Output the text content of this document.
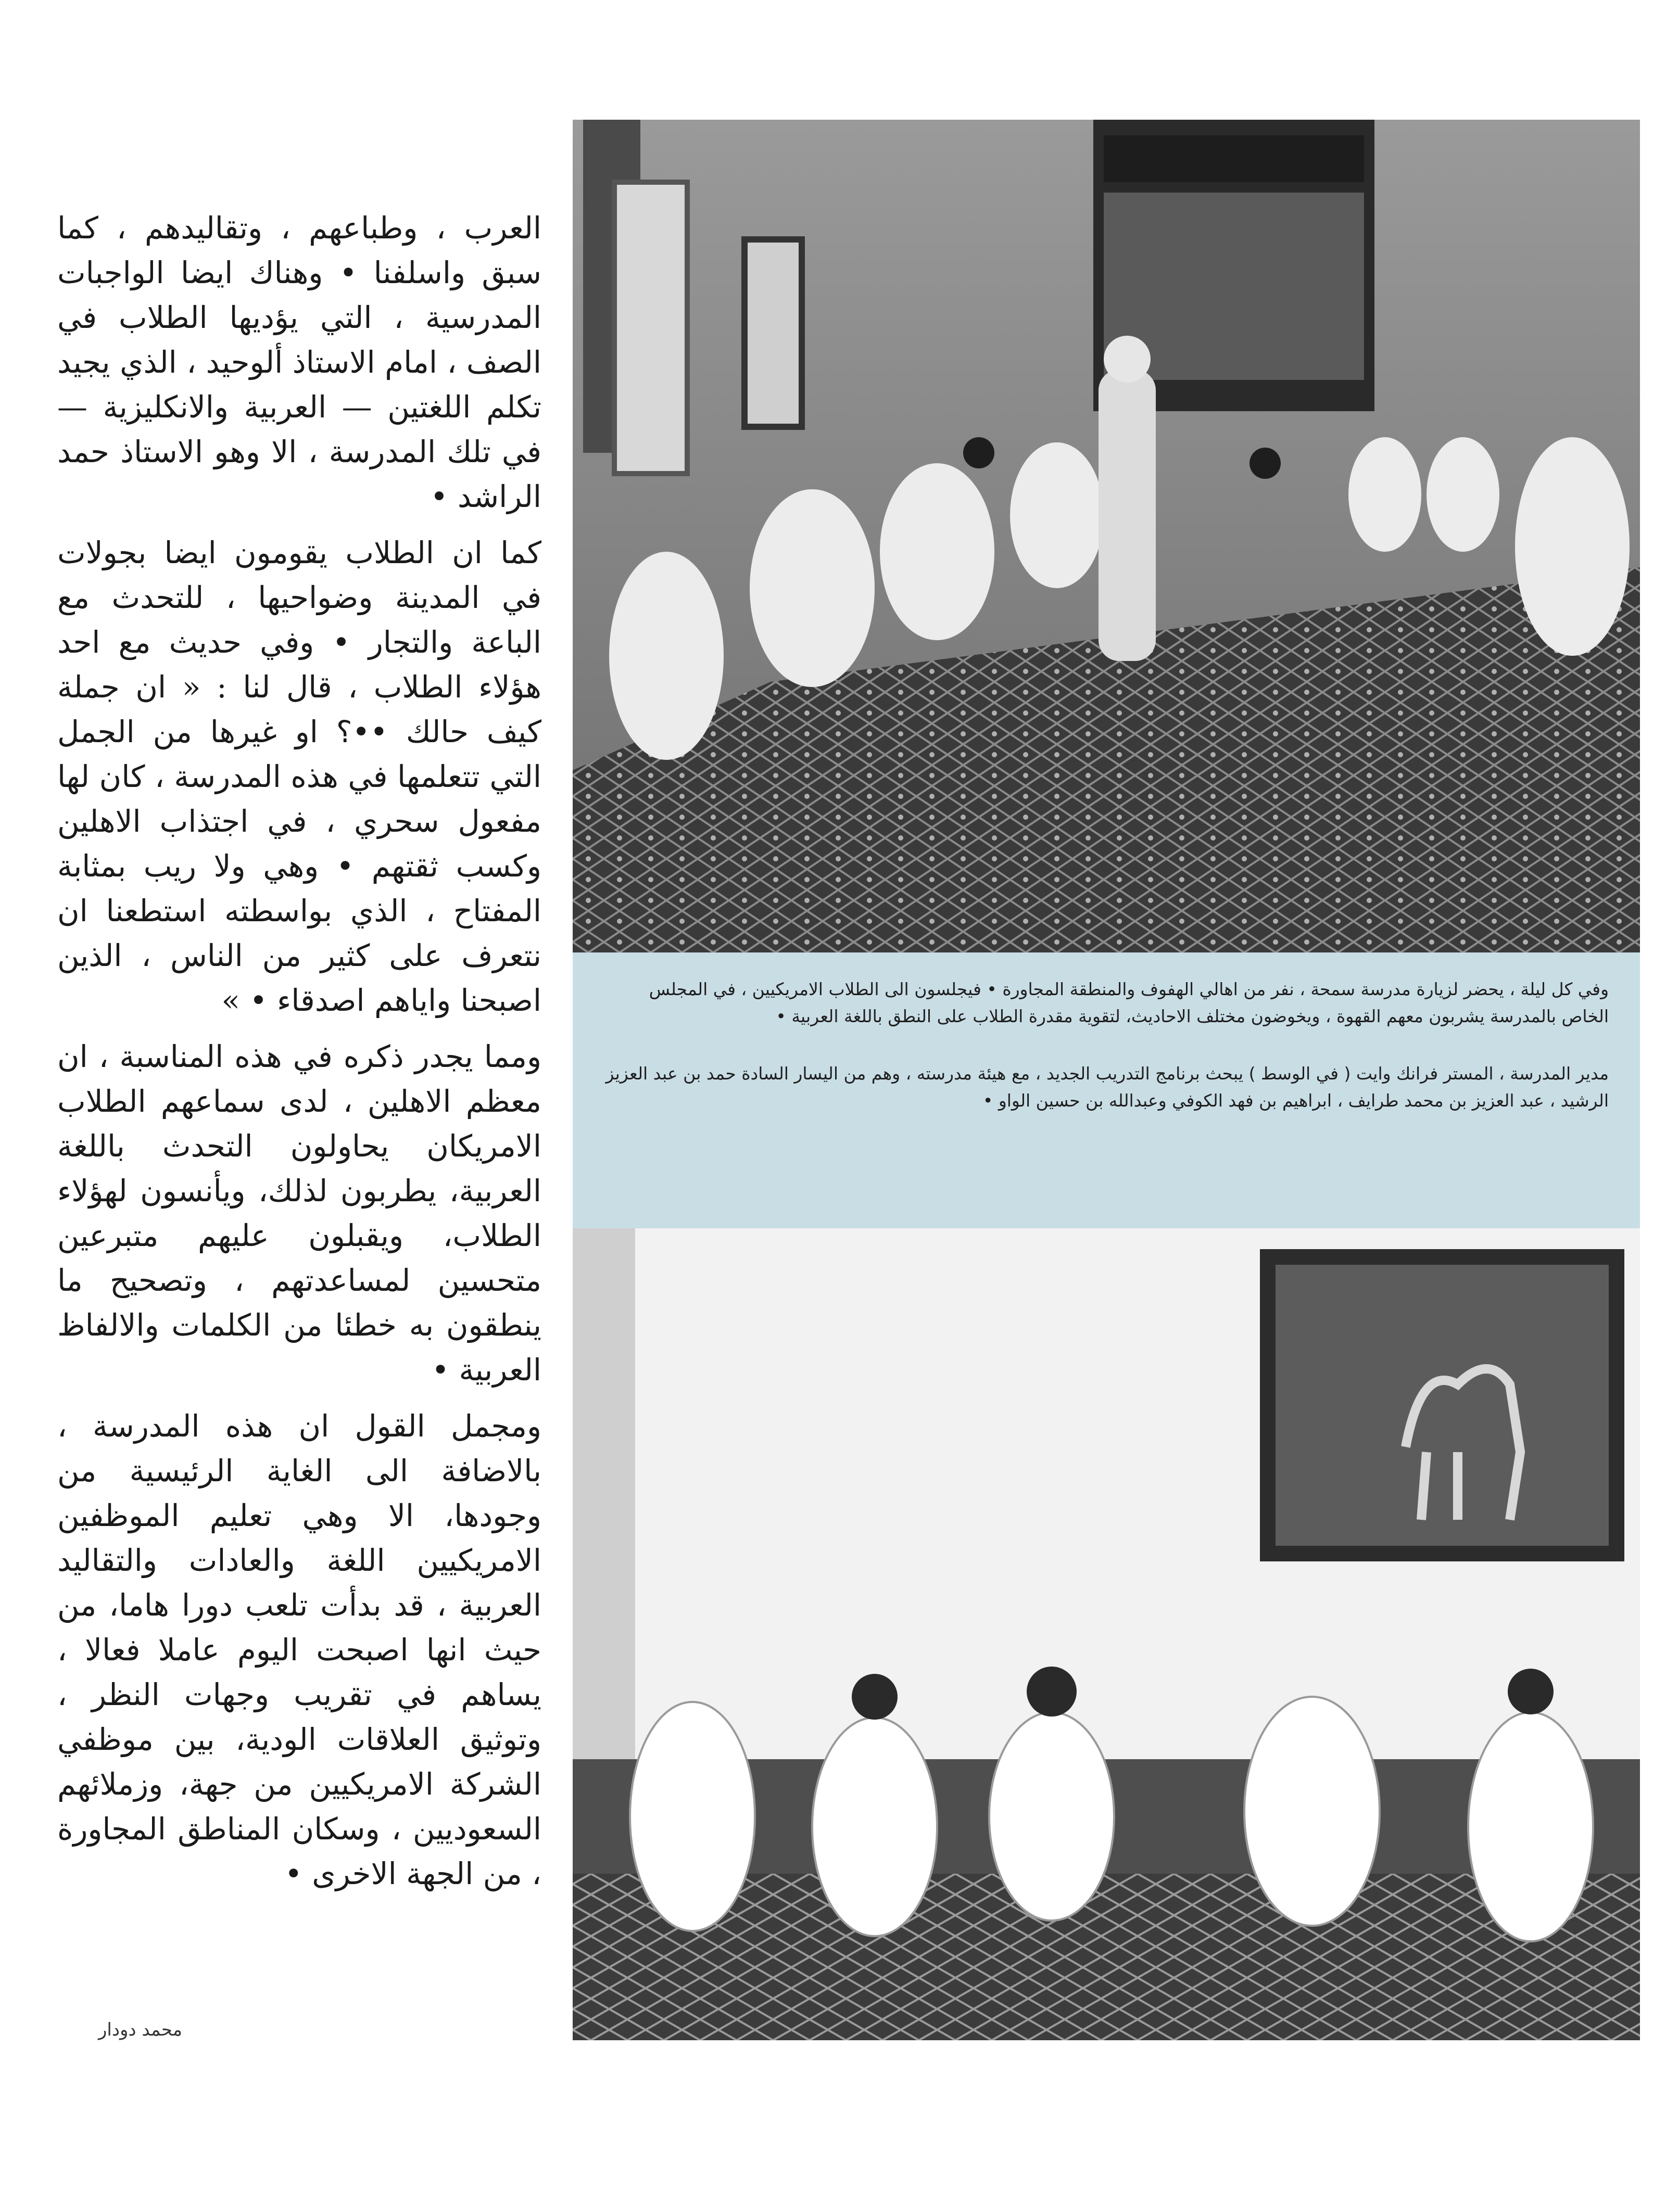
العرب ، وطباعهم ، وتقاليدهم ، كما سبق واسلفنا • وهناك ايضا الواجبات المدرسية ، التي يؤديها الطلاب في الصف ، امام الاستاذ ألوحيد ، الذي يجيد تكلم اللغتين — العربية والانكليزية — في تلك المدرسة ، الا وهو الاستاذ حمد الراشد •

كما ان الطلاب يقومون ايضا بجولات في المدينة وضواحيها ، للتحدث مع الباعة والتجار • وفي حديث مع احد هؤلاء الطلاب ، قال لنا : « ان جملة كيف حالك ••؟ او غيرها من الجمل التي تتعلمها في هذه المدرسة ، كان لها مفعول سحري ، في اجتذاب الاهلين وكسب ثقتهم • وهي ولا ريب بمثابة المفتاح ، الذي بواسطته استطعنا ان نتعرف على كثير من الناس ، الذين اصبحنا واياهم اصدقاء • »

ومما يجدر ذكره في هذه المناسبة ، ان معظم الاهلين ، لدى سماعهم الطلاب الامريكان يحاولون التحدث باللغة العربية، يطربون لذلك، ويأنسون لهؤلاء الطلاب، ويقبلون عليهم متبرعين متحسين لمساعدتهم ، وتصحيح ما ينطقون به خطئا من الكلمات والالفاظ العربية •

ومجمل القول ان هذه المدرسة ، بالاضافة الى الغاية الرئيسية من وجودها، الا وهي تعليم الموظفين الامريكيين اللغة والعادات والتقاليد العربية ، قد بدأت تلعب دورا هاما، من حيث انها اصبحت اليوم عاملا فعالا ، يساهم في تقريب وجهات النظر ، وتوثيق العلاقات الودية، بين موظفي الشركة الامريكيين من جهة، وزملائهم السعوديين ، وسكان المناطق المجاورة ، من الجهة الاخرى •

محمد دودار

وفي كل ليلة ، يحضر لزيارة مدرسة سمحة ، نفر من اهالي الهفوف والمنطقة المجاورة • فيجلسون الى الطلاب الامريكيين ، في المجلس الخاص بالمدرسة يشربون معهم القهوة ، ويخوضون مختلف الاحاديث، لتقوية مقدرة الطلاب على النطق باللغة العربية •

مدير المدرسة ، المستر فرانك وايت ( في الوسط ) يبحث برنامج التدريب الجديد ، مع هيئة مدرسته ، وهم من اليسار السادة حمد بن عبد العزيز الرشيد ، عبد العزيز بن محمد طرايف ، ابراهيم بن فهد الكوفي وعبدالله بن حسين الواو •
